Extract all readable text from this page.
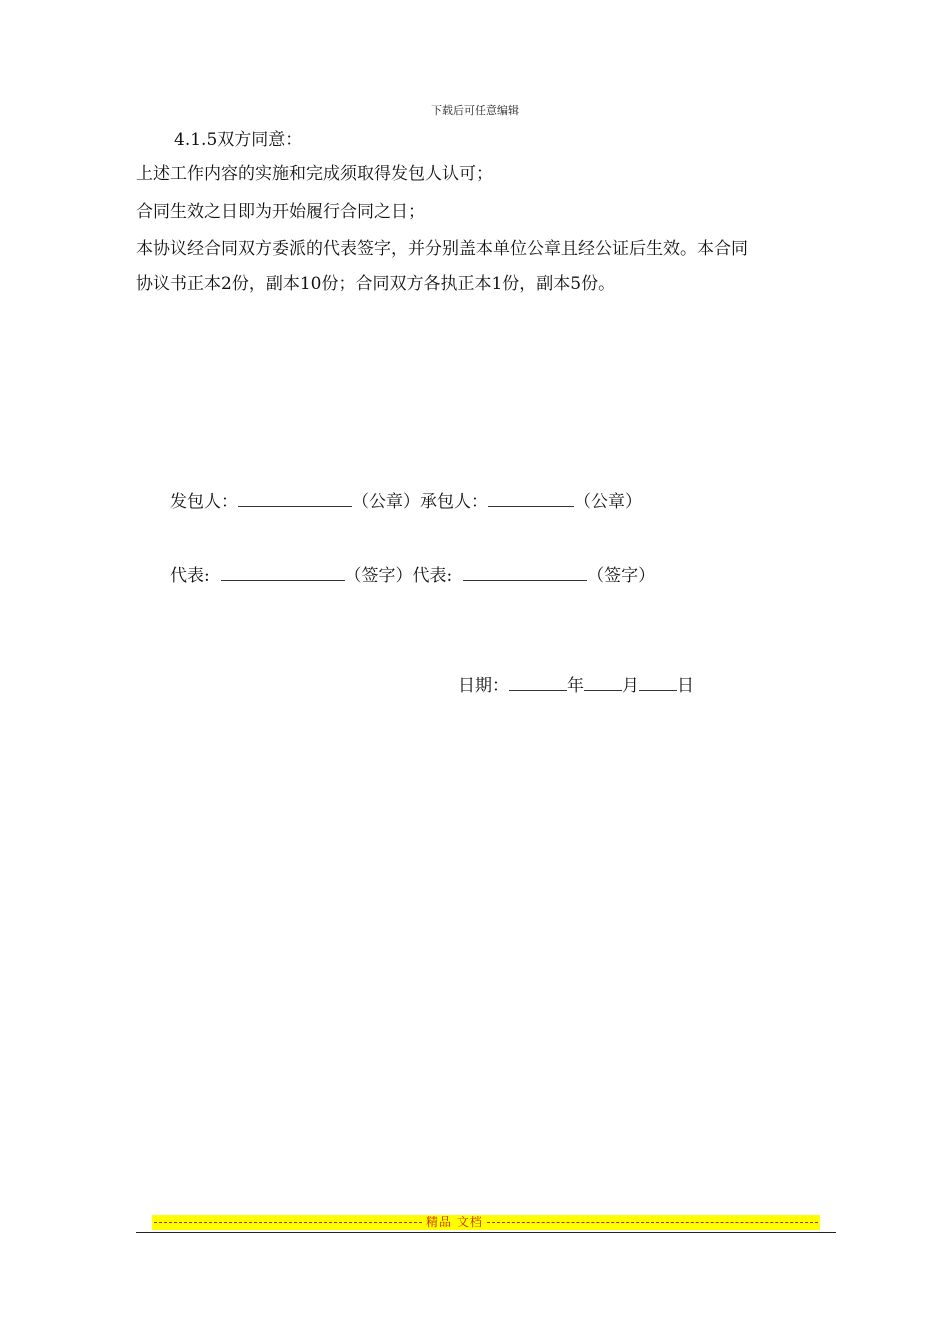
下载后可任意编辑
4.1.5双方同意：
上述工作内容的实施和完成须取得发包人认可；
合同生效之日即为开始履行合同之日；
本协议经合同双方委派的代表签字，并分别盖本单位公章且经公证后生效。本合同
协议书正本2份，副本10份；合同双方各执正本1份，副本5份。
发包人：	（公章）承包人：	（公章）
代表:	（签字）代表:	（签字）
日期：	年 月 日
精品 文档
